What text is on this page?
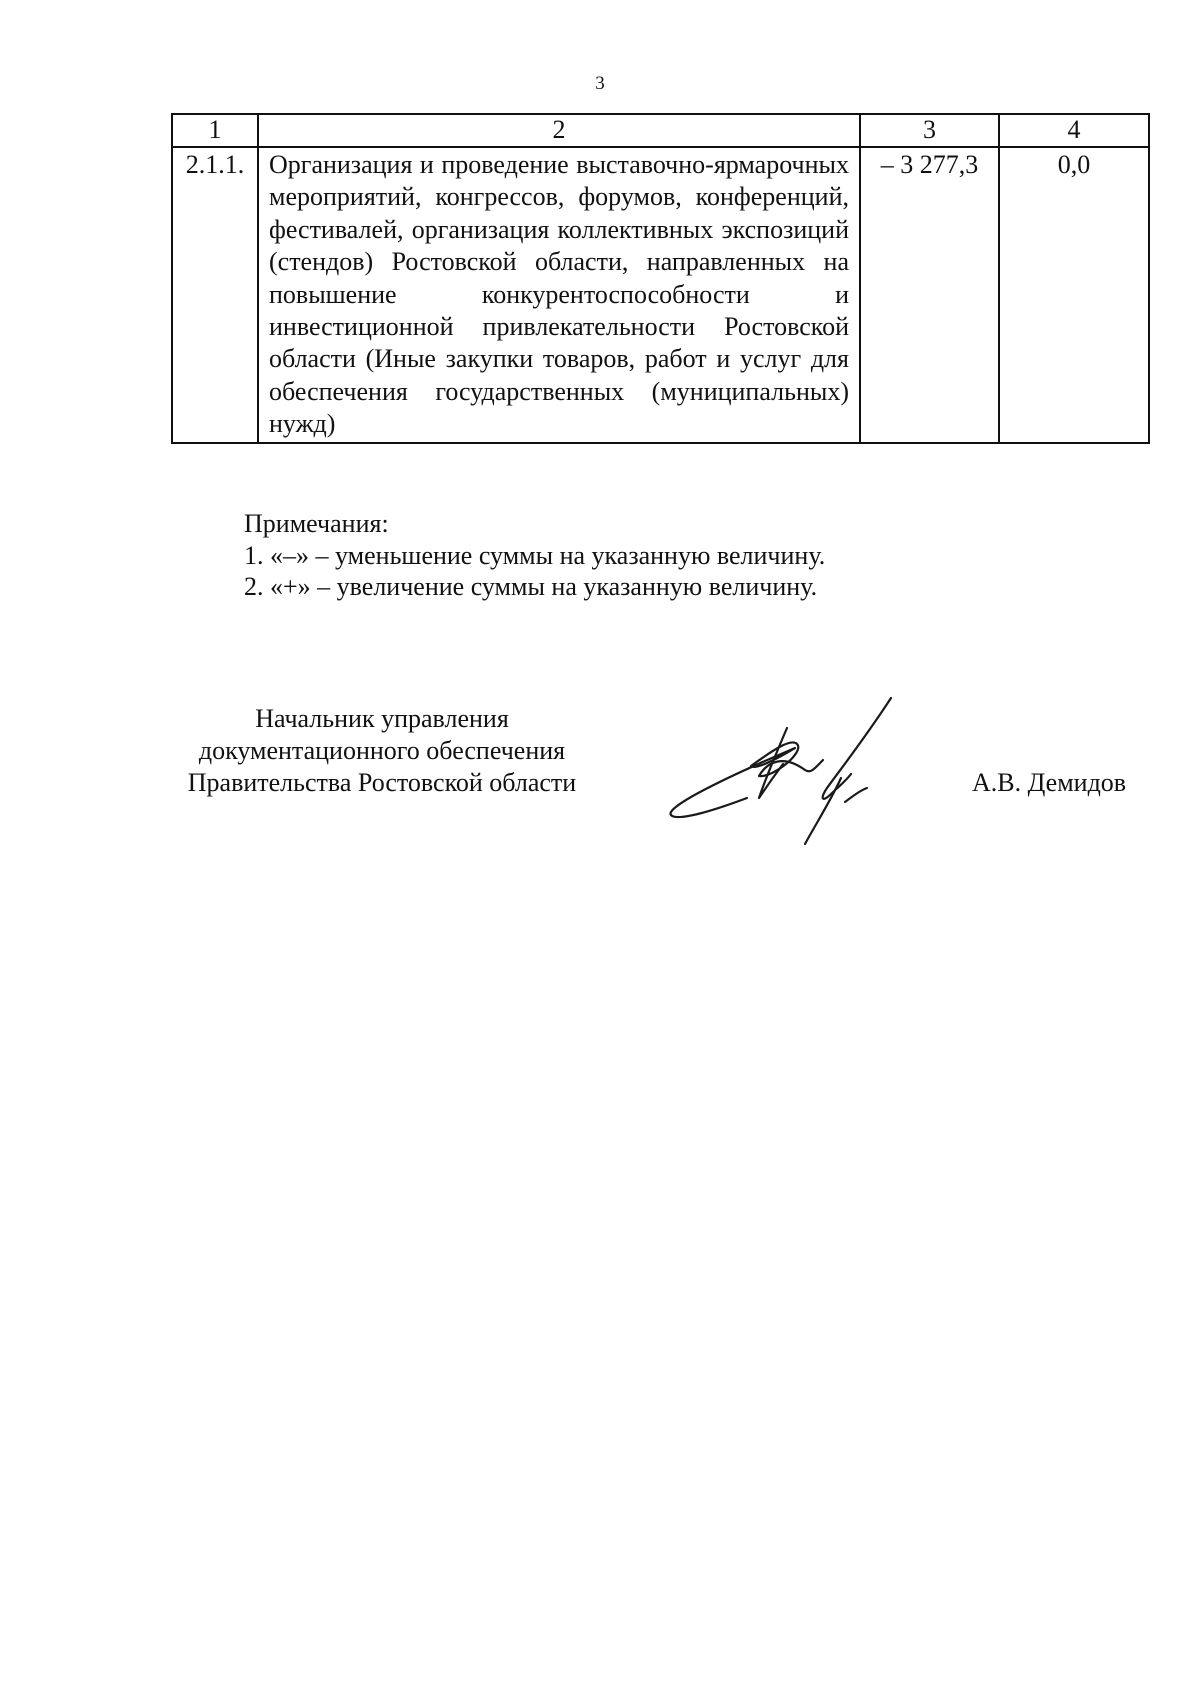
3
1	2	3	4
2.1.1.	Организация и проведение выставочно-ярмарочных мероприятий, конгрессов, форумов, конференций, фестивалей, организация коллективных экспозиций (стендов) Ростовской области, направленных на повышение конкурентоспособности и инвестиционной привлекательности Ростовской области (Иные закупки товаров, работ и услуг для обеспечения государственных (муниципальных) нужд)	– 3 277,3	0,0
Примечания:
1. «–» – уменьшение суммы на указанную величину.
2. «+» – увеличение суммы на указанную величину.
Начальник управления
документационного обеспечения
Правительства Ростовской области	А.В. Демидов
